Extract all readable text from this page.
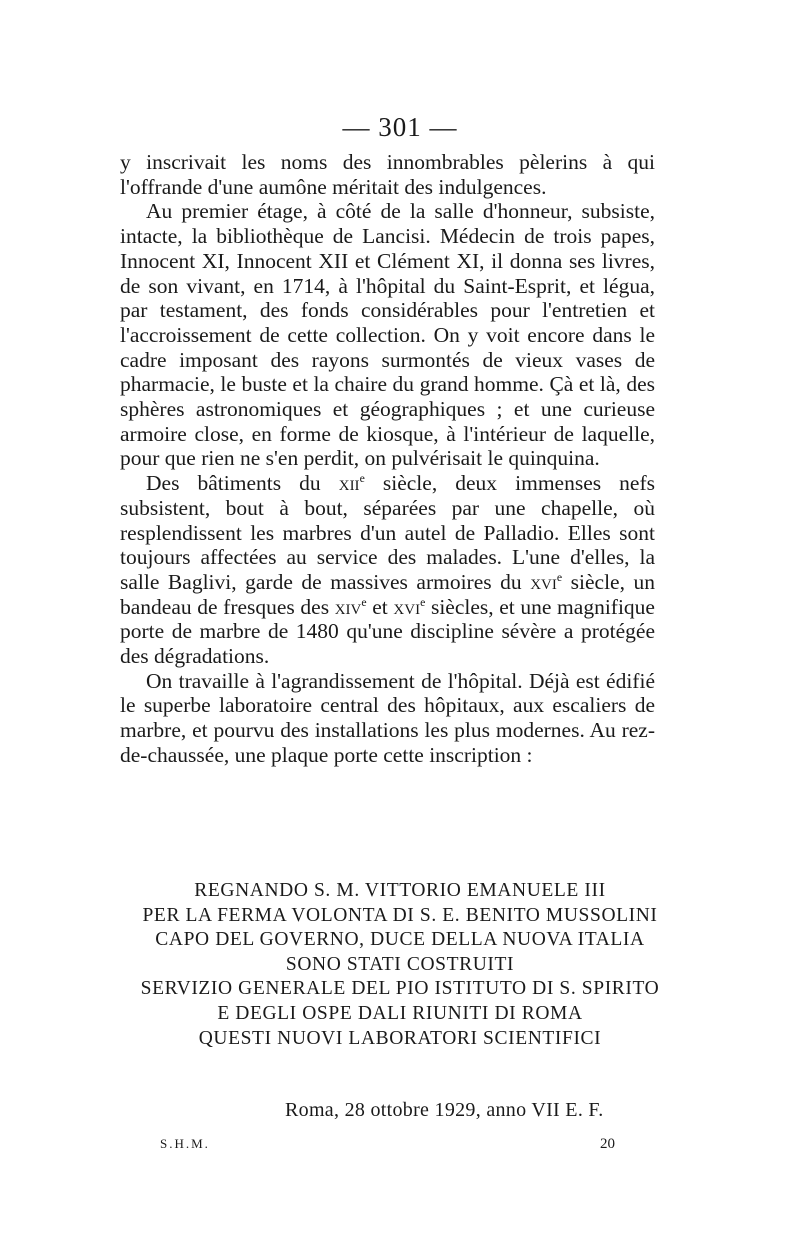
— 301 —

y inscrivait les noms des innombrables pèlerins à qui l'offrande d'une aumône méritait des indulgences.

Au premier étage, à côté de la salle d'honneur, subsiste, intacte, la bibliothèque de Lancisi. Médecin de trois papes, Innocent XI, Innocent XII et Clément XI, il donna ses livres, de son vivant, en 1714, à l'hôpital du Saint-Esprit, et légua, par testament, des fonds considérables pour l'entretien et l'accroissement de cette collection. On y voit encore dans le cadre imposant des rayons surmontés de vieux vases de pharmacie, le buste et la chaire du grand homme. Çà et là, des sphères astronomiques et géographiques ; et une curieuse armoire close, en forme de kiosque, à l'intérieur de laquelle, pour que rien ne s'en perdit, on pulvérisait le quinquina.

Des bâtiments du xii$^e$ siècle, deux immenses nefs subsistent, bout à bout, séparées par une chapelle, où resplendissent les marbres d'un autel de Palladio. Elles sont toujours affectées au service des malades. L'une d'elles, la salle Baglivi, garde de massives armoires du xvi$^e$ siècle, un bandeau de fresques des xiv$^e$ et xvi$^e$ siècles, et une magnifique porte de marbre de 1480 qu'une discipline sévère a protégée des dégradations.

On travaille à l'agrandissement de l'hôpital. Déjà est édifié le superbe laboratoire central des hôpitaux, aux escaliers de marbre, et pourvu des installations les plus modernes. Au rez-de-chaussée, une plaque porte cette inscription :

REGNANDO S. M. VITTORIO EMANUELE III
PER LA FERMA VOLONTA DI S. E. BENITO MUSSOLINI
CAPO DEL GOVERNO, DUCE DELLA NUOVA ITALIA
SONO STATI COSTRUITI
SERVIZIO GENERALE DEL PIO ISTITUTO DI S. SPIRITO
E DEGLI OSPE DALI RIUNITI DI ROMA
QUESTI NUOVI LABORATORI SCIENTIFICI
Roma, 28 ottobre 1929, anno VII E. F.
S.H.M.	20
